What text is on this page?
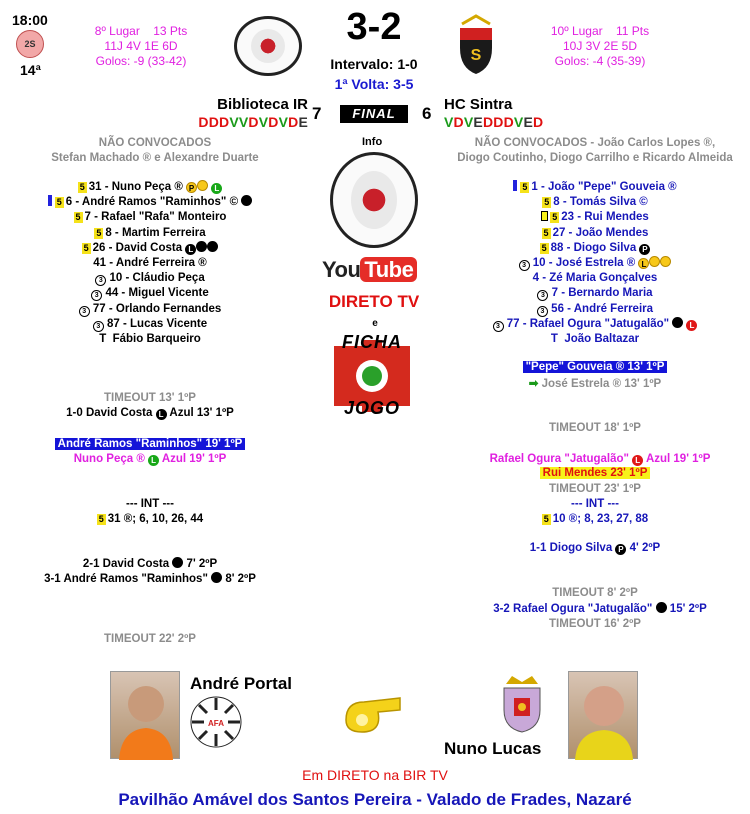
18:00
2S
14ª
8º Lugar 13 Pts
11J 4V 1E 6D
Golos: -9 (33-42)
3-2
Intervalo: 1-0
1ª Volta: 3-5
S
10º Lugar 11 Pts
10J 3V 2E 5D
Golos: -4 (35-39)
Biblioteca IR
DDDVVDVDVDE 7	FINAL	6 HC Sintra
VDVEDDDVED
NÃO CONVOCADOS
Stefan Machado ® e Alexandre Duarte
Info	NÃO CONVOCADOS - João Carlos Lopes ®,
Diogo Coutinho, Diogo Carrilho e Ricardo Almeida
5 31 - Nuno Peça ® P	L
5 6 - André Ramos "Raminhos" ©
5 7 - Rafael "Rafa" Monteiro
5 8 - Martim Ferreira
5 26 - David Costa L
41 - André Ferreira ®
3 10 - Cláudio Peça
3 44 - Miguel Vicente
3 77 - Orlando Fernandes
3 87 - Lucas Vicente
T Fábio Barqueiro
You Tube
DIRETO TV
e
FICHA
JOGO
5 1 - João "Pepe" Gouveia ®
5 8 - Tomás Silva ©
5 23 - Rui Mendes
5 27 - João Mendes
5 88 - Diogo Silva P
3 10 - José Estrela ® L
4 - Zé Maria Gonçalves
3 7 - Bernardo Maria
3 56 - André Ferreira
3 77 - Rafael Ogura "Jatugalão"	L
T João Baltazar
TIMEOUT 13' 1ºP
1-0 David Costa L Azul 13' 1ºP
André Ramos "Raminhos" 19' 1ºP
Nuno Peça ® L Azul 19' 1ºP
--- INT ---
5 31 ®; 6, 10, 26, 44
2-1 David Costa 7' 2ºP
3-1 André Ramos "Raminhos" 8' 2ºP
TIMEOUT 22' 2ºP
"Pepe" Gouveia ® 13' 1ºP
➡ José Estrela ® 13' 1ºP
TIMEOUT 18' 1ºP
Rafael Ogura "Jatugalão" L Azul 19' 1ºP
Rui Mendes 23' 1ºP
TIMEOUT 23' 1ºP
--- INT ---
5 10 ®; 8, 23, 27, 88
1-1 Diogo Silva P 4' 2ºP
TIMEOUT 8' 2ºP
3-2 Rafael Ogura "Jatugalão" 15' 2ºP
TIMEOUT 16' 2ºP
André Portal
AFA
Nuno Lucas
Em DIRETO na BIR TV
Pavilhão Amável dos Santos Pereira - Valado de Frades, Nazaré
